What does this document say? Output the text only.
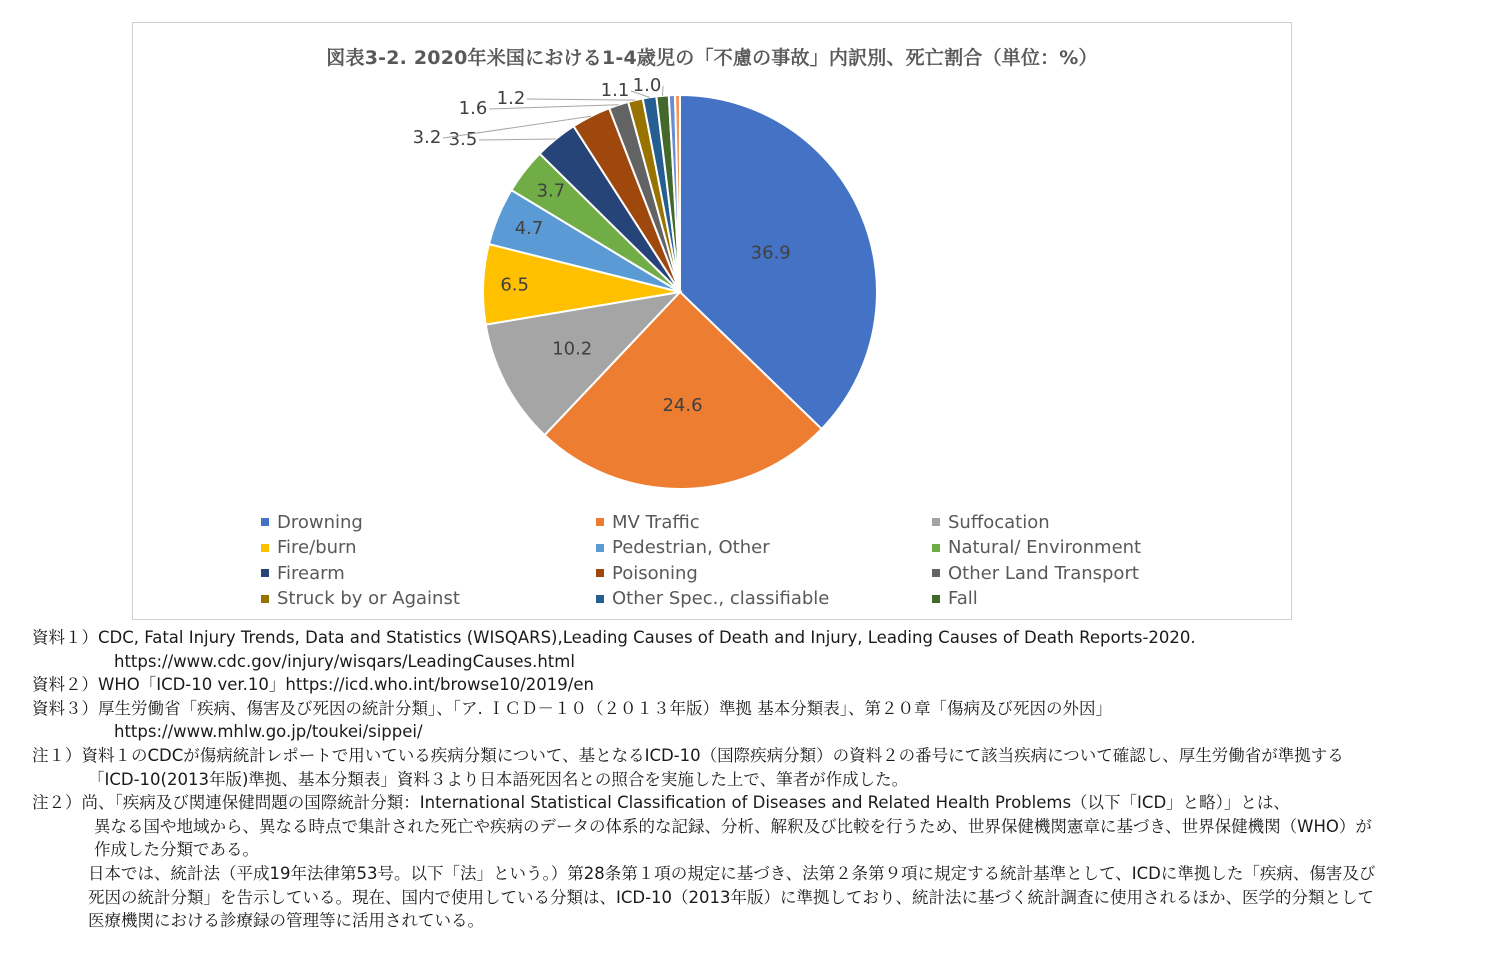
図表3-2. 2020年米国における1-4歳児の「不慮の事故」内訳別、死亡割合（単位：%）
36.9
24.6
10.2
6.5
4.7
3.7
3.5
3.2
1.6 1.2	1.1 1.0
Drowning	MV Traffic	Suffocation
Fire/burn	Pedestrian, Other	Natural/ Environment
Firearm	Poisoning	Other Land Transport
Struck by or Against	Other Spec., classifiable	Fall
資料１）CDC, Fatal Injury Trends, Data and Statistics (WISQARS),Leading Causes of Death and Injury, Leading Causes of Death Reports-2020.
https://www.cdc.gov/injury/wisqars/LeadingCauses.html
資料２）WHO「ICD-10 ver.10」https://icd.who.int/browse10/2019/en
資料３）厚生労働省「疾病、傷害及び死因の統計分類」、「ア. ＩＣＤ－１０（２０１３年版）準拠 基本分類表」、第２０章「傷病及び死因の外因」
https://www.mhlw.go.jp/toukei/sippei/
注１）資料１のCDCが傷病統計レポートで用いている疾病分類について、基となるICD-10（国際疾病分類）の資料２の番号にて該当疾病について確認し、厚生労働省が準拠する
「ICD-10(2013年版)準拠、基本分類表」資料３より日本語死因名との照合を実施した上で、筆者が作成した。
注２）尚、「疾病及び関連保健問題の国際統計分類：International Statistical Classification of Diseases and Related Health Problems（以下「ICD」と略）」とは、
異なる国や地域から、異なる時点で集計された死亡や疾病のデータの体系的な記録、分析、解釈及び比較を行うため、世界保健機関憲章に基づき、世界保健機関（WHO）が
作成した分類である。
日本では、統計法（平成19年法律第53号。以下「法」という。）第28条第１項の規定に基づき、法第２条第９項に規定する統計基準として、ICDに準拠した「疾病、傷害及び
死因の統計分類」を告示している。現在、国内で使用している分類は、ICD-10（2013年版）に準拠しており、統計法に基づく統計調査に使用されるほか、医学的分類として
医療機関における診療録の管理等に活用されている。
